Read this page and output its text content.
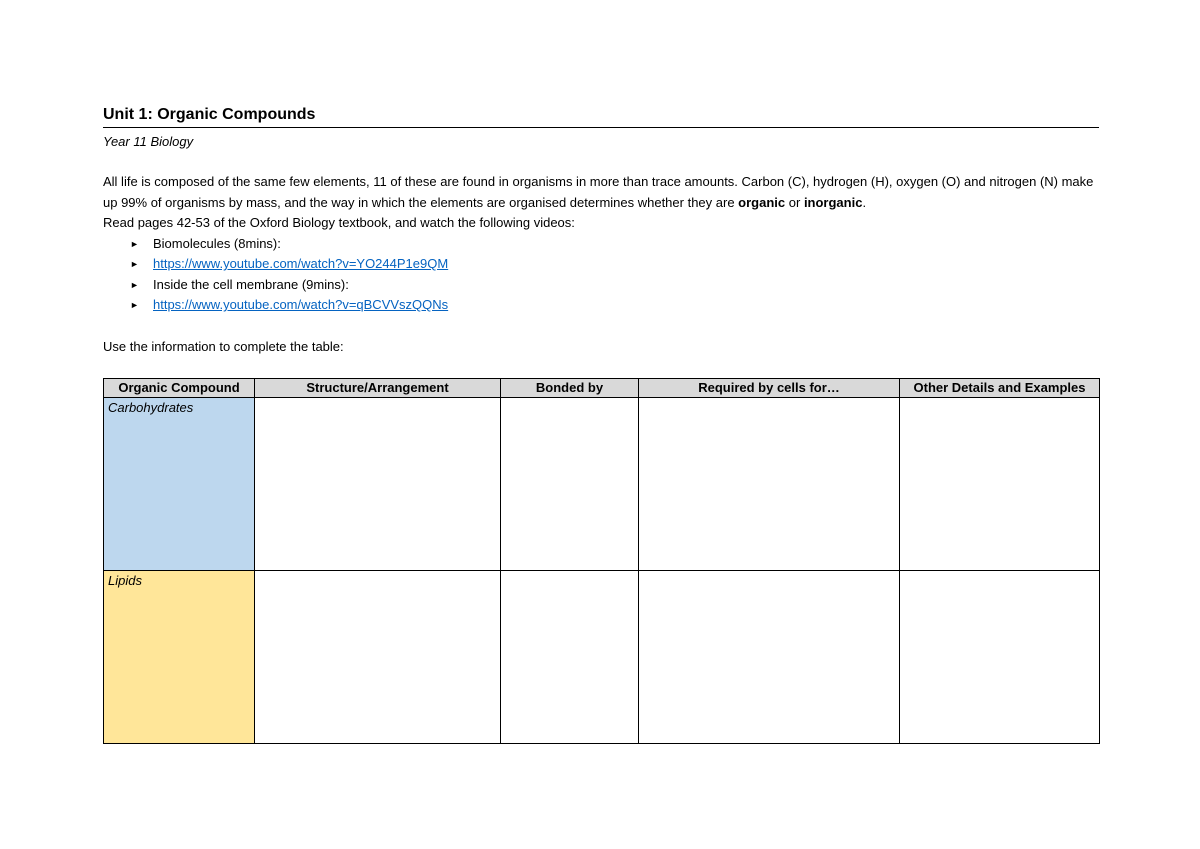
Unit 1: Organic Compounds
Year 11 Biology
All life is composed of the same few elements, 11 of these are found in organisms in more than trace amounts. Carbon (C), hydrogen (H), oxygen (O) and nitrogen (N) make up 99% of organisms by mass, and the way in which the elements are organised determines whether they are organic or inorganic.
Read pages 42-53 of the Oxford Biology textbook, and watch the following videos:
► Biomolecules (8mins):
► https://www.youtube.com/watch?v=YO244P1e9QM
► Inside the cell membrane (9mins):
► https://www.youtube.com/watch?v=qBCVVszQQNs
Use the information to complete the table:
Organic Compound	Structure/Arrangement	Bonded by	Required by cells for…	Other Details and Examples
Carbohydrates				
Lipids				
